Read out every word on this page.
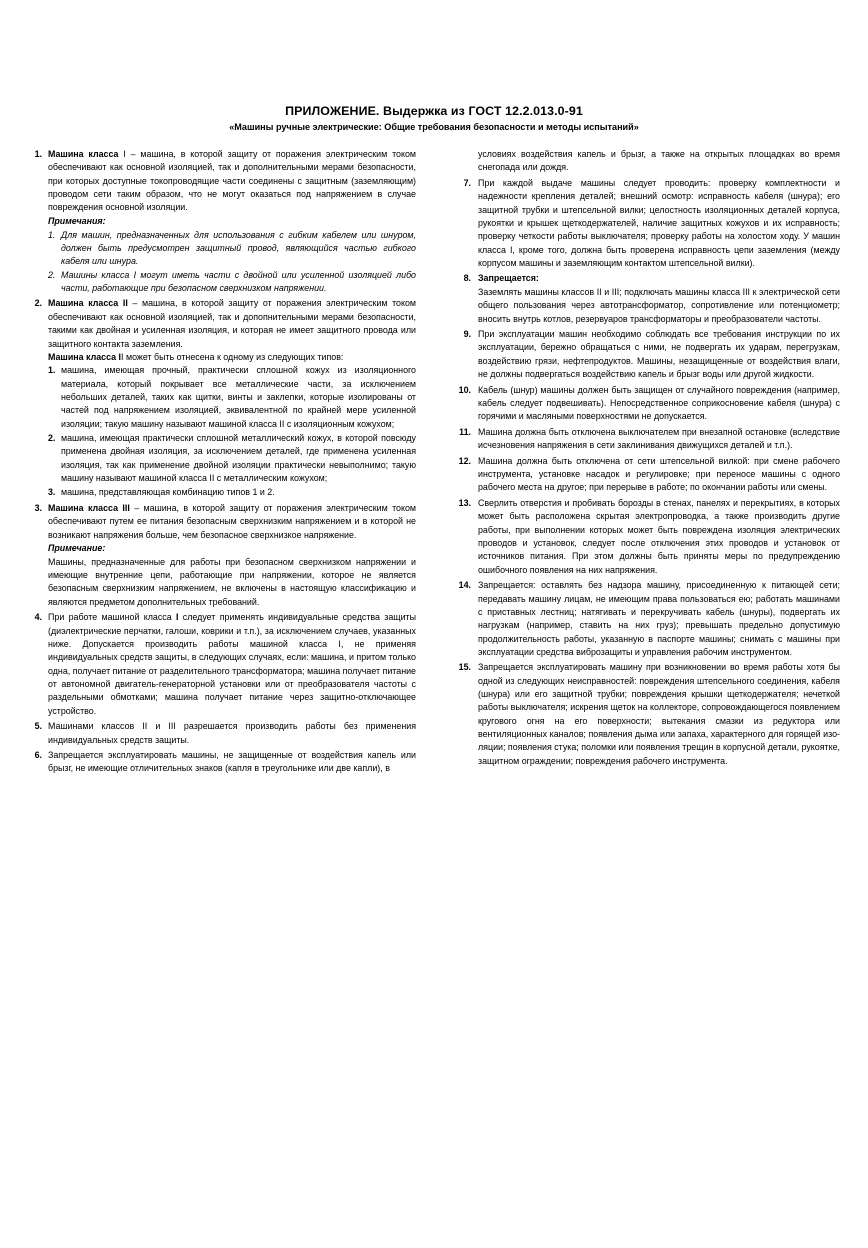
ПРИЛОЖЕНИЕ. Выдержка из ГОСТ 12.2.013.0-91
«Машины ручные электрические: Общие требования безопасности и методы испытаний»
1. Машина класса I – машина, в которой защиту от поражения электрическим током обеспечивают как основной изоляцией, так и дополнительными мерами безопасности, при которых доступные токопроводящие части соединены с защитным (заземляющим) проводом сети таким образом, что не могут оказаться под напряжением в случае повреждения основной изоляции.

Примечания:

1. Для машин, предназначенных для использования с гибким кабелем или шнуром, должен быть предусмотрен защитный провод, являющийся частью гибкого кабеля или шнура.

2. Машины класса I могут иметь части с двойной или усиленной изоляцией либо части, работающие при безопасном сверхнизком напряжении.

2. Машина класса II – машина, в которой защиту от поражения электрическим током обеспечивают как основной изоляцией, так и допопнительными мерами безопасности, такими как двойная и усиленная изоляция, и которая не имеет защитного провода или защитного контакта заземления.

Машина класса II может быть отнесена к одному из следующих типов:

1. машина, имеющая прочный, практически сплошной кожух из изоляционного материала, который покрывает все металлические части, за исключением небольших деталей, таких как щитки, винты и заклепки, которые изолированы от частей под напряжением изоляцией, эквивалентной по крайней мере усиленной изоляции; такую машину называют машиной класса II с изоляционным кожухом;

2. машина, имеющая практически сплошной металлический кожух, в которой повсюду применена двойная изоляция, за исключением деталей, где применена усиленная изоляция, так как применение двойной изоляции практически невыполнимо; такую машину называют машиной класса II с металлическим кожухом;

3. машина, представляющая комбинацию типов 1 и 2.

3. Машина класса III – машина, в которой защиту от поражения электрическим током обеспечивают путем ее питания безопасным сверхнизким напряжением и в которой не возникают напряжения больше, чем безопасное сверхнизкое напряжение.

Примечание:

Машины, предназначенные для работы при безопасном сверхнизком напряжении и имеющие внутренние цепи, работающие при напряжении, которое не является безопасным сверхнизким напряжением, не включены в настоящую классификацию и являются предметом дополнительных требований.

4. При работе машиной класса I следует применять индивидуальные средства защиты (диэлектрические перчатки, галоши, коврики и т.п.), за исключением случаев, указанных ниже. Допускается производить работы машиной класса I, не применяя индивидуальных средств защиты, в следующих случаях, если: машина, и притом только одна, получает питание от разделительного трансформатора; машина получает питание от автономной двигатель-генераторной установки или от преобразователя частоты с раздельными обмотками; машина получает питание через защитно-отключающее устройство.

5. Машинами классов II и III разрешается производить работы без применения индивидуальных средств защиты.

6. Запрещается эксплуатировать машины, не защищенные от воздействия капель или брызг, не имеющие отличительных знаков (капля в треугольнике или две капли), в

условиях воздействия капель и брызг, а также на открытых площадках во время снегопада или дождя.

7. При каждой выдаче машины следует проводить: проверку комплектности и надежности крепления деталей; внешний осмотр: исправность кабеля (шнура); его защитной трубки и штепсельной вилки; целостность изоляционных деталей корпуса, рукоятки и крышек щеткодержателей, наличие защитных кожухов и их исправность; проверку четкости работы выключателя; проверку работы на холостом ходу. У машин класса I, кроме того, должна быть проверена исправность цепи заземления (между корпусом машины и заземляющим контактом штепсельной вилки).

8. Запрещается:

Заземлять машины классов II и III; подключать машины класса III к электрической сети общего пользования через автотрансформатор, сопротивление или потенциометр; вносить внутрь котлов, резервуаров трансформаторы и преобразователи частоты.

9. При эксплуатации машин необходимо соблюдать все требования инструкции по их эксплуатации, бережно обращаться с ними, не подвергать их ударам, перегрузкам, воздействию грязи, нефтепродуктов. Машины, незащищенные от воздействия влаги, не должны подвергаться воздействию капель и брызг воды или другой жидкости.

10. Кабель (шнур) машины должен быть защищен от случайного повреждения (например, кабель следует подвешивать). Непосредственное соприкосновение кабеля (шнура) с горячими и масляными поверхностями не допускается.

11. Машина должна быть отключена выключателем при внезапной остановке (вследствие исчезновения напряжения в сети заклинивания движущихся деталей и т.п.).

12. Машина должна быть отключена от сети штепсельной вилкой: при смене рабочего инструмента, установке насадок и регулировке; при переносе машины с одного рабочего места на другое; при перерыве в работе; по окончании работы или смены.

13. Сверлить отверстия и пробивать борозды в стенах, панелях и перекрытиях, в которых может быть расположена скрытая электропроводка, а также производить другие работы, при выполнении которых может быть повреждена изоляция электрических проводов и установок, следует после отключения этих проводов и установок от источников питания. При этом должны быть приняты меры по предупреждению ошибочного появления на них напряжения.

14. Запрещается: оставлять без надзора машину, присоединенную к питающей сети; передавать машину лицам, не имеющим права пользоваться ею; работать машинами с приставных лестниц; натягивать и перекручивать кабель (шнуры), подвергать их нагрузкам (например, ставить на них груз); превышать предельно допустимую продолжительность работы, указанную в паспорте машины; снимать с машины при эксплуатации средства виброзащиты и управления рабочим инструментом.

15. Запрещается эксплуатировать машину при возникновении во время работы хотя бы одной из следующих неисправностей: повреждения штепсельного соединения, кабеля (шнура) или его защитной трубки; повреждения крышки щеткодержателя; нечеткой работы выключателя; искрения щеток на коллекторе, сопровождающегося появлением кругового огня на его поверхности; вытекания смазки из редуктора или вентиляционных каналов; появления дыма или запаха, характерного для горящей изоляции; появления стука; поломки или появления трещин в корпусной детали, рукоятке, защитном ограждении; повреждения рабочего инструмента.
